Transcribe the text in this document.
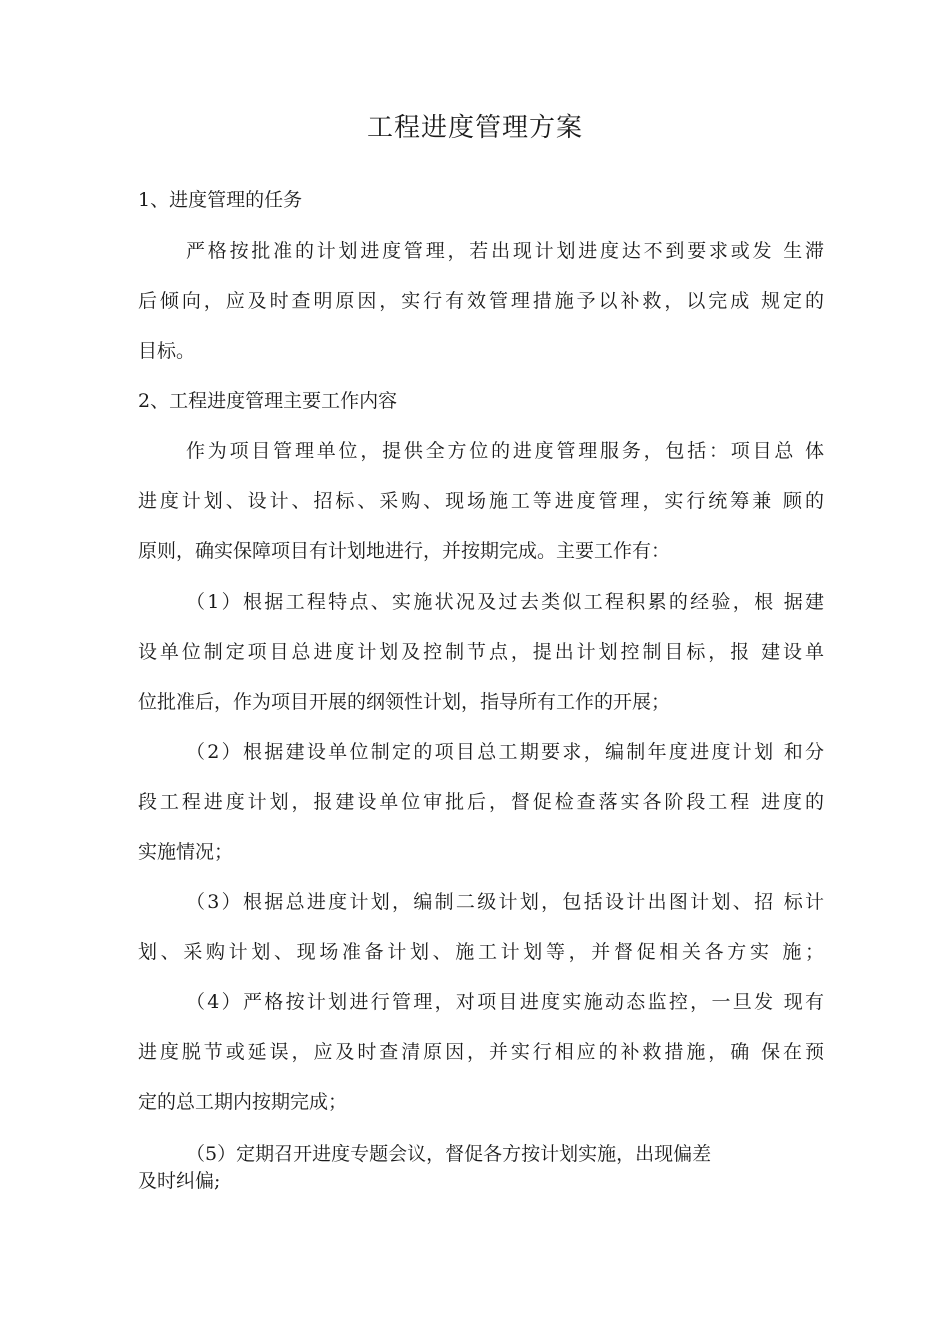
工程进度管理方案
1、进度管理的任务
严格按批准的计划进度管理，若出现计划进度达不到要求或发 生滞
后倾向，应及时查明原因，实行有效管理措施予以补救，以完成 规定的
目标。
2、工程进度管理主要工作内容
作为项目管理单位，提供全方位的进度管理服务，包括：项目总 体
进度计划、设计、招标、采购、现场施工等进度管理，实行统筹兼 顾的
原则，确实保障项目有计划地进行，并按期完成。主要工作有：
（1）根据工程特点、实施状况及过去类似工程积累的经验，根 据建
设单位制定项目总进度计划及控制节点，提出计划控制目标，报 建设单
位批准后，作为项目开展的纲领性计划，指导所有工作的开展；
（2）根据建设单位制定的项目总工期要求，编制年度进度计划 和分
段工程进度计划，报建设单位审批后，督促检查落实各阶段工程 进度的
实施情况；
（3）根据总进度计划，编制二级计划，包括设计出图计划、招 标计
划、采购计划、现场准备计划、施工计划等，并督促相关各方实 施；
（4）严格按计划进行管理，对项目进度实施动态监控，一旦发 现有
进度脱节或延误，应及时查清原因，并实行相应的补救措施，确 保在预
定的总工期内按期完成；
（5）定期召开进度专题会议，督促各方按计划实施，出现偏差
及时纠偏;
